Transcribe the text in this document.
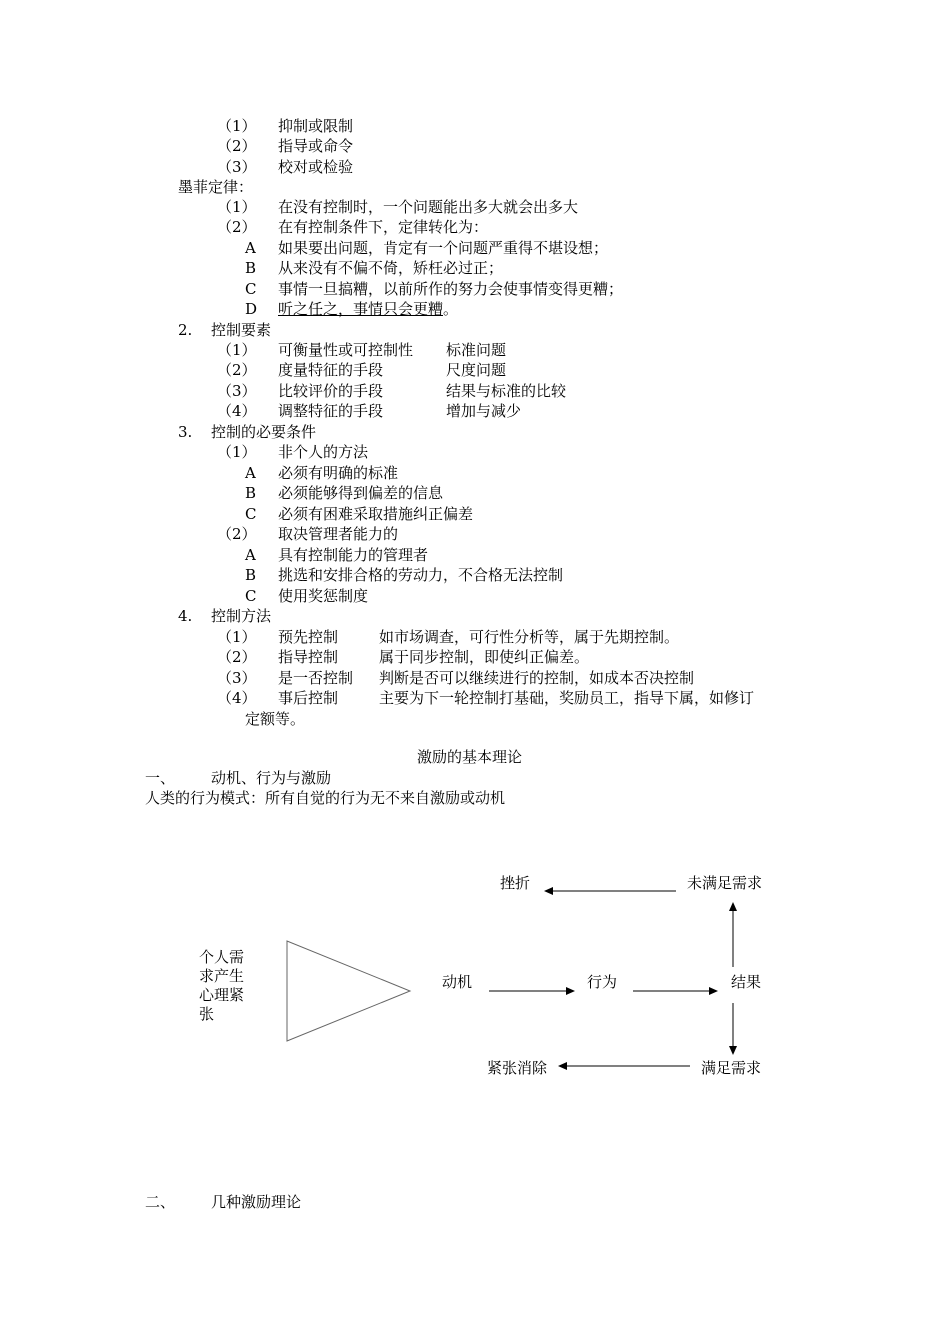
（1） 抑制或限制
（2） 指导或命令
（3） 校对或检验
墨菲定律：
（1） 在没有控制时，一个问题能出多大就会出多大
（2） 在有控制条件下，定律转化为：
A 如果要出问题，肯定有一个问题严重得不堪设想；
B 从来没有不偏不倚，矫枉必过正；
C 事情一旦搞糟，以前所作的努力会使事情变得更糟；
D 听之任之，事情只会更糟。
2. 控制要素
（1） 可衡量性或可控制性 标准问题
（2） 度量特征的手段	尺度问题
（3） 比较评价的手段	结果与标准的比较
（4） 调整特征的手段	增加与减少
3. 控制的必要条件
（1） 非个人的方法
A 必须有明确的标准
B 必须能够得到偏差的信息
C 必须有困难采取措施纠正偏差
（2） 取决管理者能力的
A 具有控制能力的管理者
B 挑选和安排合格的劳动力，不合格无法控制
C 使用奖惩制度
4. 控制方法
（1） 预先控制	如市场调查，可行性分析等，属于先期控制。
（2） 指导控制	属于同步控制，即使纠正偏差。
（3） 是一否控制 判断是否可以继续进行的控制，如成本否决控制
（4） 事后控制	主要为下一轮控制打基础，奖励员工，指导下属，如修订
定额等。
激励的基本理论
一、 动机、行为与激励
人类的行为模式：所有自觉的行为无不来自激励或动机
个人需
求产生
心理紧
张
动机	行为	结果
未满足需求
挫折
满足需求
紧张消除
二、 几种激励理论
